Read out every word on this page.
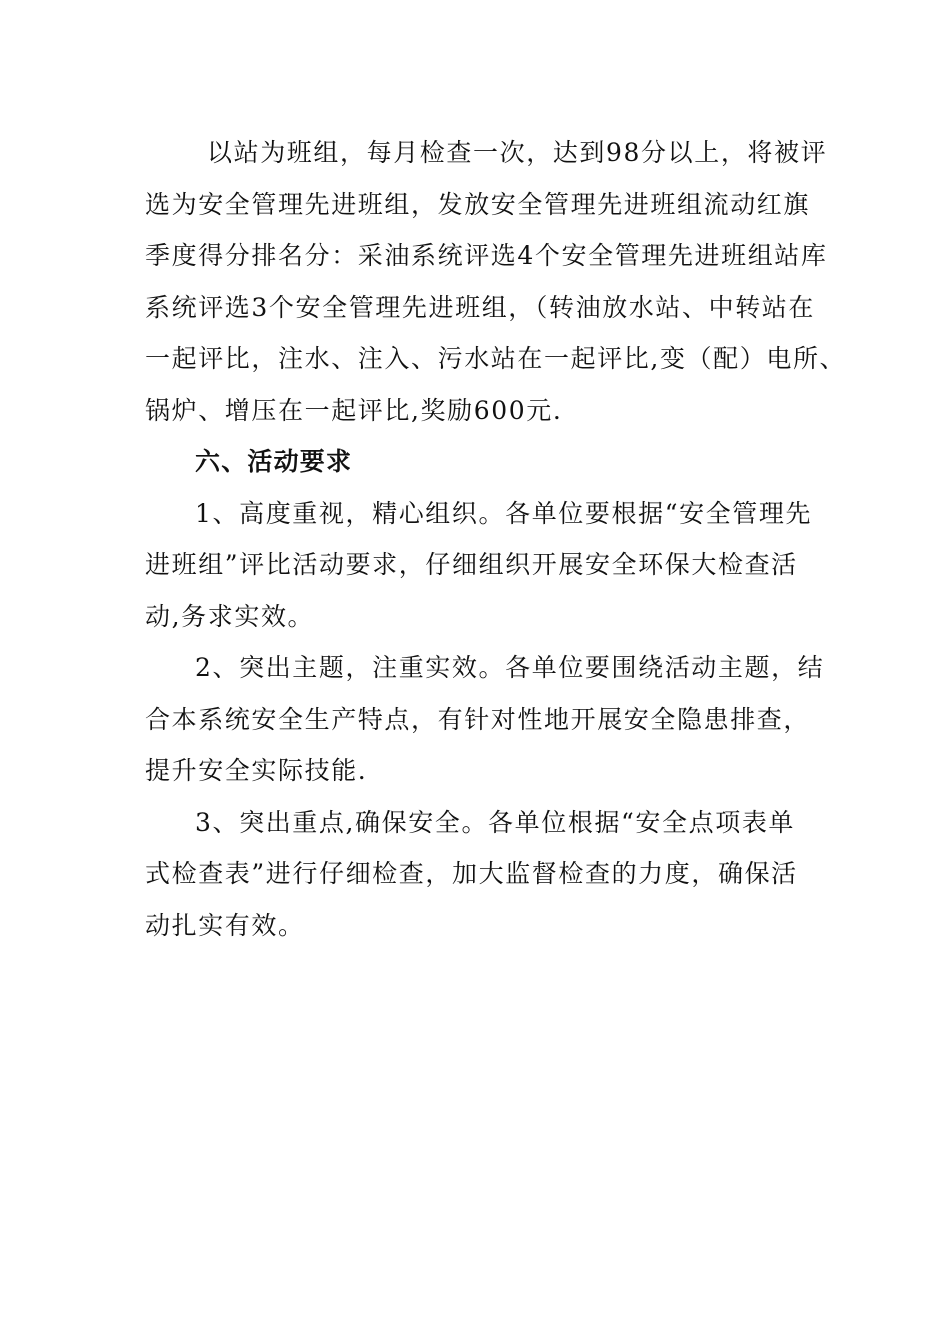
以站为班组，每月检查一次，达到98分以上，将被评
选为安全管理先进班组，发放安全管理先进班组流动红旗
季度得分排名分：采油系统评选4个安全管理先进班组站库
系统评选3个安全管理先进班组，（转油放水站、中转站在
一起评比，注水、注入、污水站在一起评比,变（配）电所、
锅炉、增压在一起评比,奖励600元.
六、活动要求
1、高度重视，精心组织。各单位要根据“安全管理先
进班组”评比活动要求，仔细组织开展安全环保大检查活
动,务求实效。
2、突出主题，注重实效。各单位要围绕活动主题，结
合本系统安全生产特点，有针对性地开展安全隐患排查，
提升安全实际技能.
3、突出重点,确保安全。各单位根据“安全点项表单
式检查表”进行仔细检查，加大监督检查的力度，确保活
动扎实有效。
